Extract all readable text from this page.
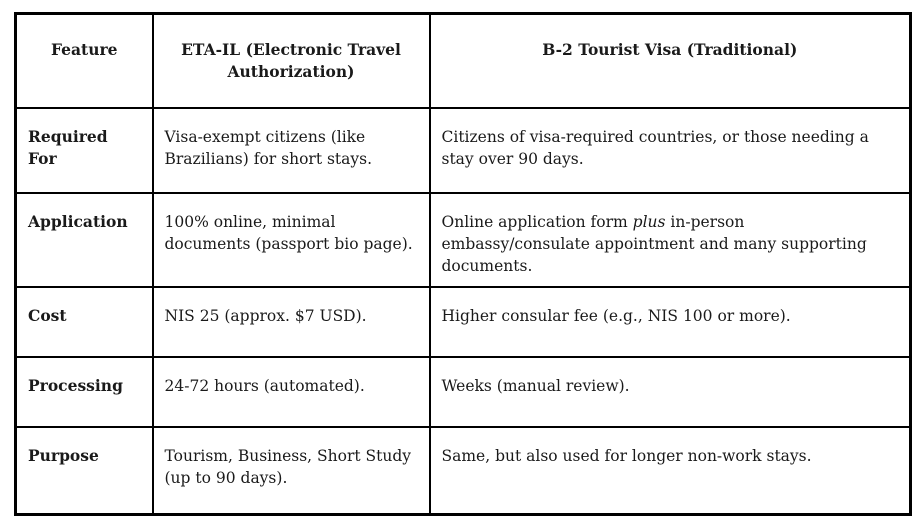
Feature	ETA-IL (Electronic Travel Authorization)	B-2 Tourist Visa (Traditional)
Required For	Visa-exempt citizens (like Brazilians) for short stays.	Citizens of visa-required countries, or those needing a stay over 90 days.
Application	100% online, minimal documents (passport bio page).	Online application form plus in-person embassy/consulate appointment and many supporting documents.
Cost	NIS 25 (approx. $7 USD).	Higher consular fee (e.g., NIS 100 or more).
Processing	24-72 hours (automated).	Weeks (manual review).
Purpose	Tourism, Business, Short Study (up to 90 days).	Same, but also used for longer non-work stays.
